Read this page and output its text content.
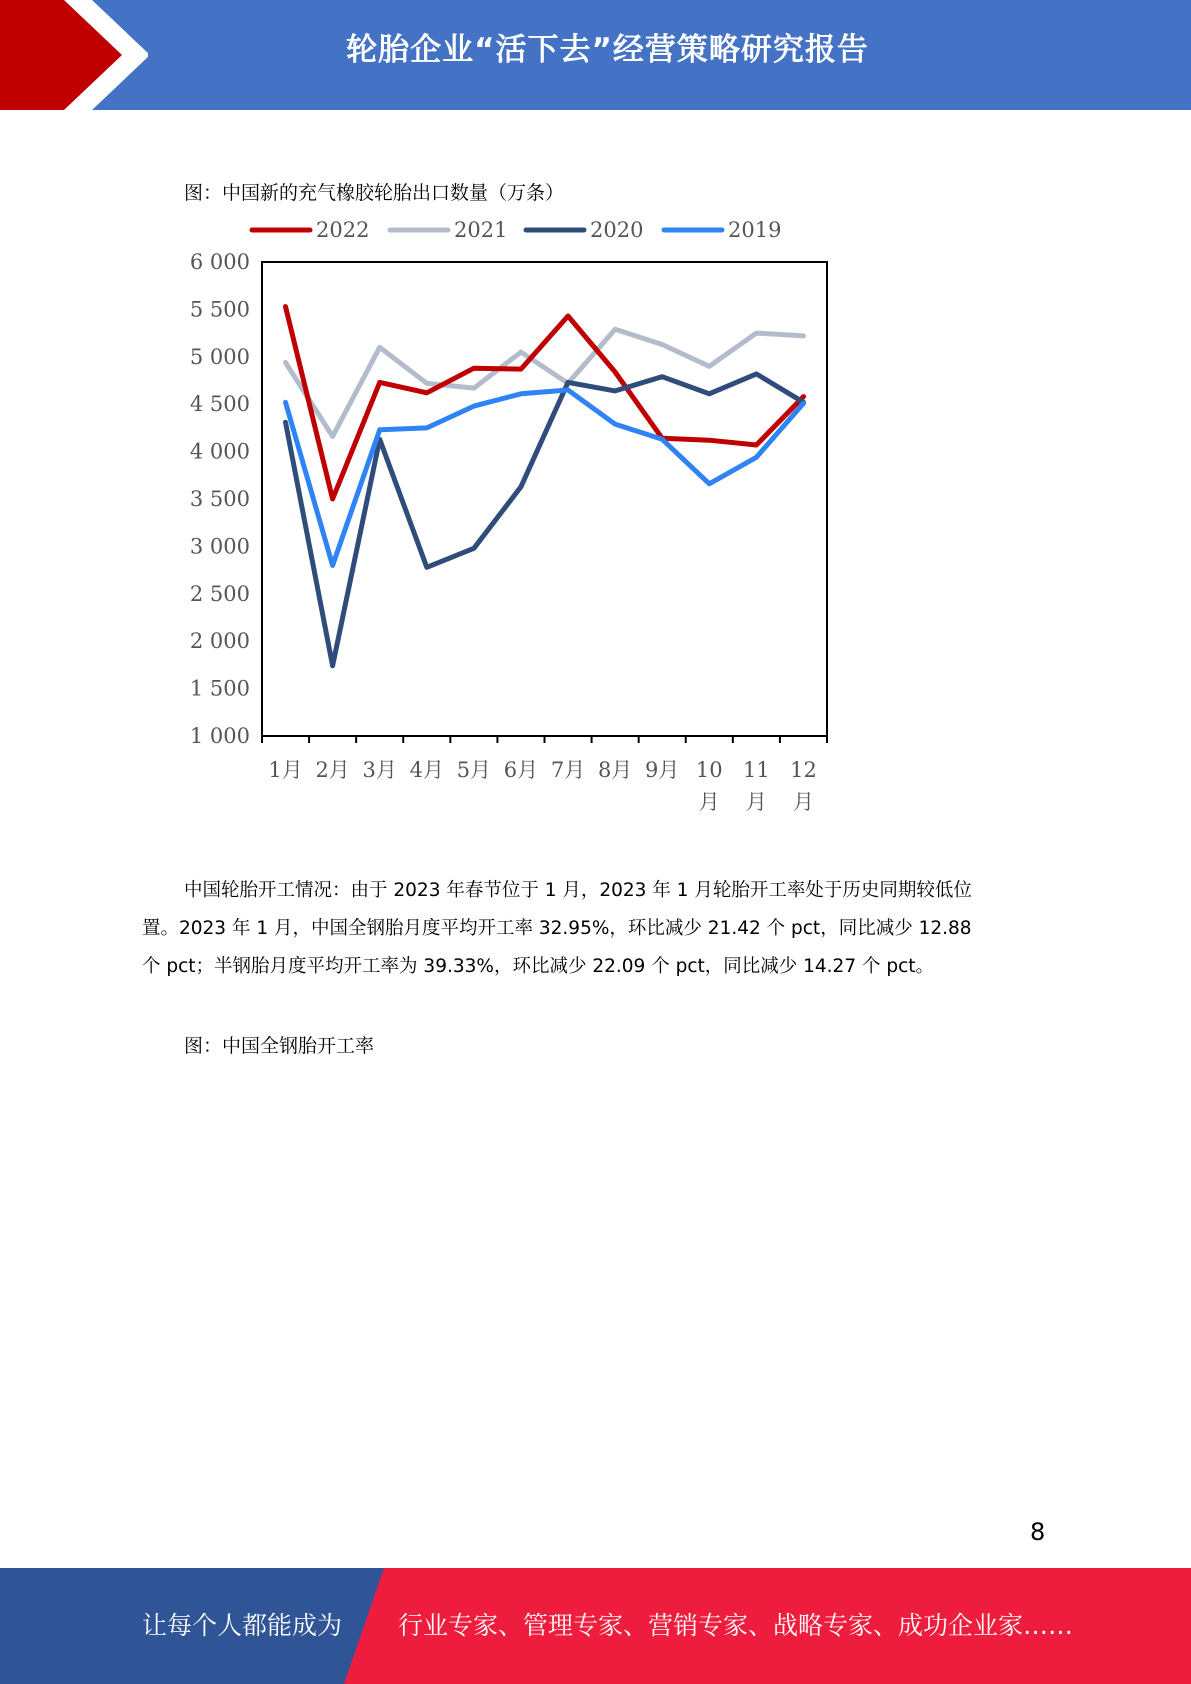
轮胎企业“活下去”经营策略研究报告
图：中国新的充气橡胶轮胎出口数量（万条）
2022	2021	2020	2019
1 000
1 500
2 000
2 500
3 000
3 500
4 000
4 500
5 000
5 500
6 000
1月 2月 3月 4月 5月 6月 7月 8月 9月 10
月
11
月
12
月
中国轮胎开工情况：由于 2023 年春节位于 1 月，2023 年 1 月轮胎开工率处于历史同期较低位
置。2023 年 1 月，中国全钢胎月度平均开工率 32.95%，环比减少 21.42 个 pct，同比减少 12.88
个 pct；半钢胎月度平均开工率为 39.33%，环比减少 22.09 个 pct，同比减少 14.27 个 pct。
图：中国全钢胎开工率
8
让每个人都能成为 行业专家、管理专家、营销专家、战略专家、成功企业家……
